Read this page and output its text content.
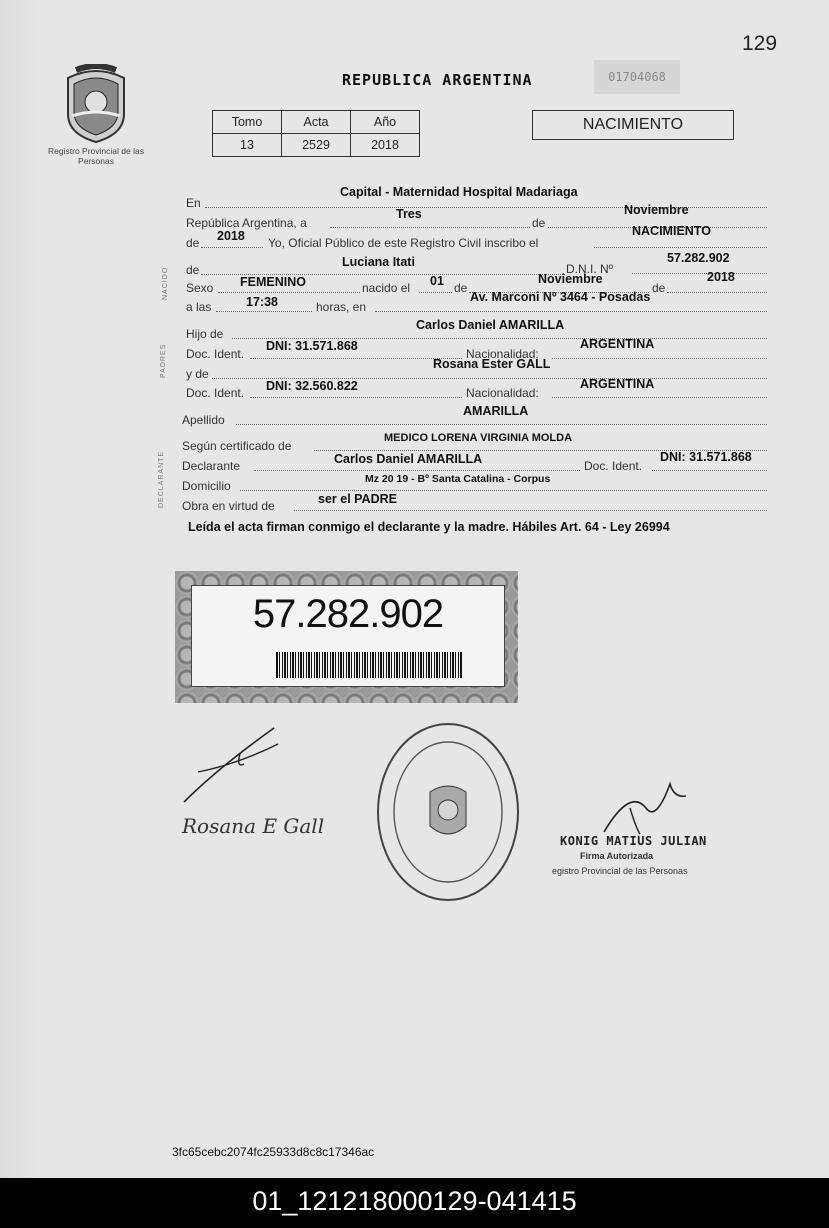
129
Registro Provincial de las Personas
REPUBLICA ARGENTINA	01704068
Tomo	Acta	Año
13	2529	2018
NACIMIENTO
NACIDO
PADRES
DECLARANTE
En
Capital - Maternidad Hospital Madariaga
República Argentina, a
Tres
de
Noviembre
de 2018 Yo, Oficial Público de este Registro Civil inscribo el
NACIMIENTO
de
Luciana Itati	D.N.I. Nº
57.282.902
Sexo FEMENINO	nacido el 01 de
Noviembre
de
2018
a las	17:38	horas, en
Av. Marconi Nº 3464 - Posadas
Hijo de
Carlos Daniel AMARILLA
Doc. Ident.
DNI: 31.571.868
Nacionalidad:
ARGENTINA
y de
Rosana Ester GALL
Doc. Ident. DNI: 32.560.822	Nacionalidad:
ARGENTINA
Apellido
AMARILLA
Según certificado de
MEDICO LORENA VIRGINIA MOLDA
Declarante	Carlos Daniel AMARILLA	Doc. Ident.
DNI: 31.571.868
Domicilio	Mz 20 19 - Bº Santa Catalina - Corpus
Obra en virtud de	ser el PADRE
Leída el acta firman conmigo el declarante y la madre. Hábiles Art. 64 - Ley 26994
57.282.902
Rosana E Gall
KONIG MATIUS JULIAN
Firma Autorizada
egistro Provincial de las Personas
3fc65cebc2074fc25933d8c8c17346ac
01_121218000129-041415
